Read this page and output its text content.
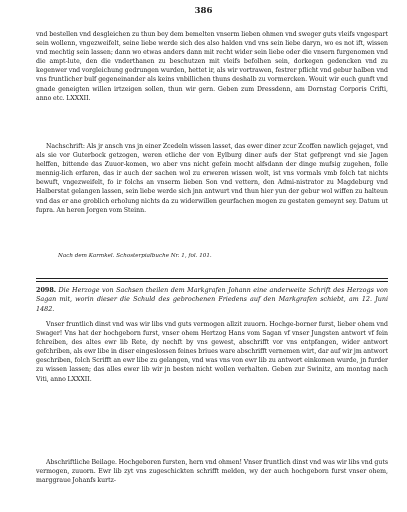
386

vnd bestellen vnd desgleichen zu thun bey dem bemelten vnserm lieben ohmen vnd sweger guts vleifs vngespart sein wollenn, vngezweifelt, seine liebe werde sich des also halden vnd vns sein liebe daryn, wo es not ift, wissen vnd mechtig sein lassen; dann wo etwas anders dann mit recht wider sein liebe oder die vnsern furgenomen vnd die ampt-lute, den die vnderthanen zu beschutzen mit vleifs befolhen sein, dorkegen gedencken vnd zu kegenwer vnd vorgleichung gedrungen wurden, hettet ir, als wir vortrawen, festrer pflicht vnd gebur halben vnd vns fruntlicher bulf gegeneinander als keins vnbillichen thuns deshalb zu vormercken. Wouit wir euch gunft vnd gnade geneigten willen irtzeigen sollen, thun wir gern. Geben zum Dressdenn, am Dornstag Corporis Crifti, anno etc. LXXXII.

Nachschrift: Als jr ansch vns jn einer Zcedeln wissen lasset, das ewer diner zcur Zcoffen nawlich gejaget, vnd als sie vor Guterbock getzogen, weren etliche der von Eylburg diner aufs der Stat gefprengt vnd sie Jagen helffen, bittende das Zuuor-komen, wo aber vns nicht gefein mocht alfsdann der dinge mufsig zugehen, folle mennig-lich erfaren, das ir auch der sachen wol zu erweren wissen wolt, ist vns vormals vmb folch tat nichts bewuft, vngezweifelt, fo ir folchs an vnserm lieben Son vnd vettern, den Admi-nistrator zu Magdeburg vnd Halberstat gelangen lassen, sein liebe werde sich jnn antwurt vnd thun hier yun der gebur wol wiffen zu halteun vnd das er ane groblich erholung nichts da zu widerwillen geurfachen mogen zu gestaten gemeynt sey. Datum ut fupra. An heren Jorgen vom Steinn.

Nach dem Karmkel. Schosterpialbuche Nr. 1, fol. 101.

2098. Die Herzoge von Sachsen theilen dem Markgrafen Johann eine anderweite Schrift des Herzogs von Sagan mit, worin dieser die Schuld des gebrochenen Friedens auf den Markgrafen schiebt, am 12. Juni 1482.

Vnser fruntlich dinst vnd was wir libs vnd guts vermogen allzit zuuorn. Hochge-borner furst, lieber ohem vnd Swager! Vns hat der hochgeborn furst, vnser ohem Hertzog Hans vom Sagan vf vnser Jungsten antwort vf fein fchreiben, des altes ewr lib Rete, dy nechft by vns gewest, abschrifft vor vns entpfangen, wider antwort gefchriben, als ewr libe in diser eingeslossen feines briues ware abschrifft vernemen wirt, dar auf wir jm antwort geschriben, folch Scrifft an ewr libe zu gelangen, vnd was vns von ewr lib zu antwort einkomen wurde, jn furder zu wissen lassen; das alles ewer lib wir jn besten nicht wollen verhalten. Geben zur Swinitz, am montag nach Viti, anno LXXXII.

Abschriftliche Beilage. Hochgeboren fursten, hern vnd ohmen! Vnser fruntlich dinst vnd was wir libs vnd guts vermogen, zuuorn. Ewr lib zyt vns zugeschickten schrifft melden, wy der auch hochgeborn furst vnser ohem, marggraue Johanfs kurtz-
